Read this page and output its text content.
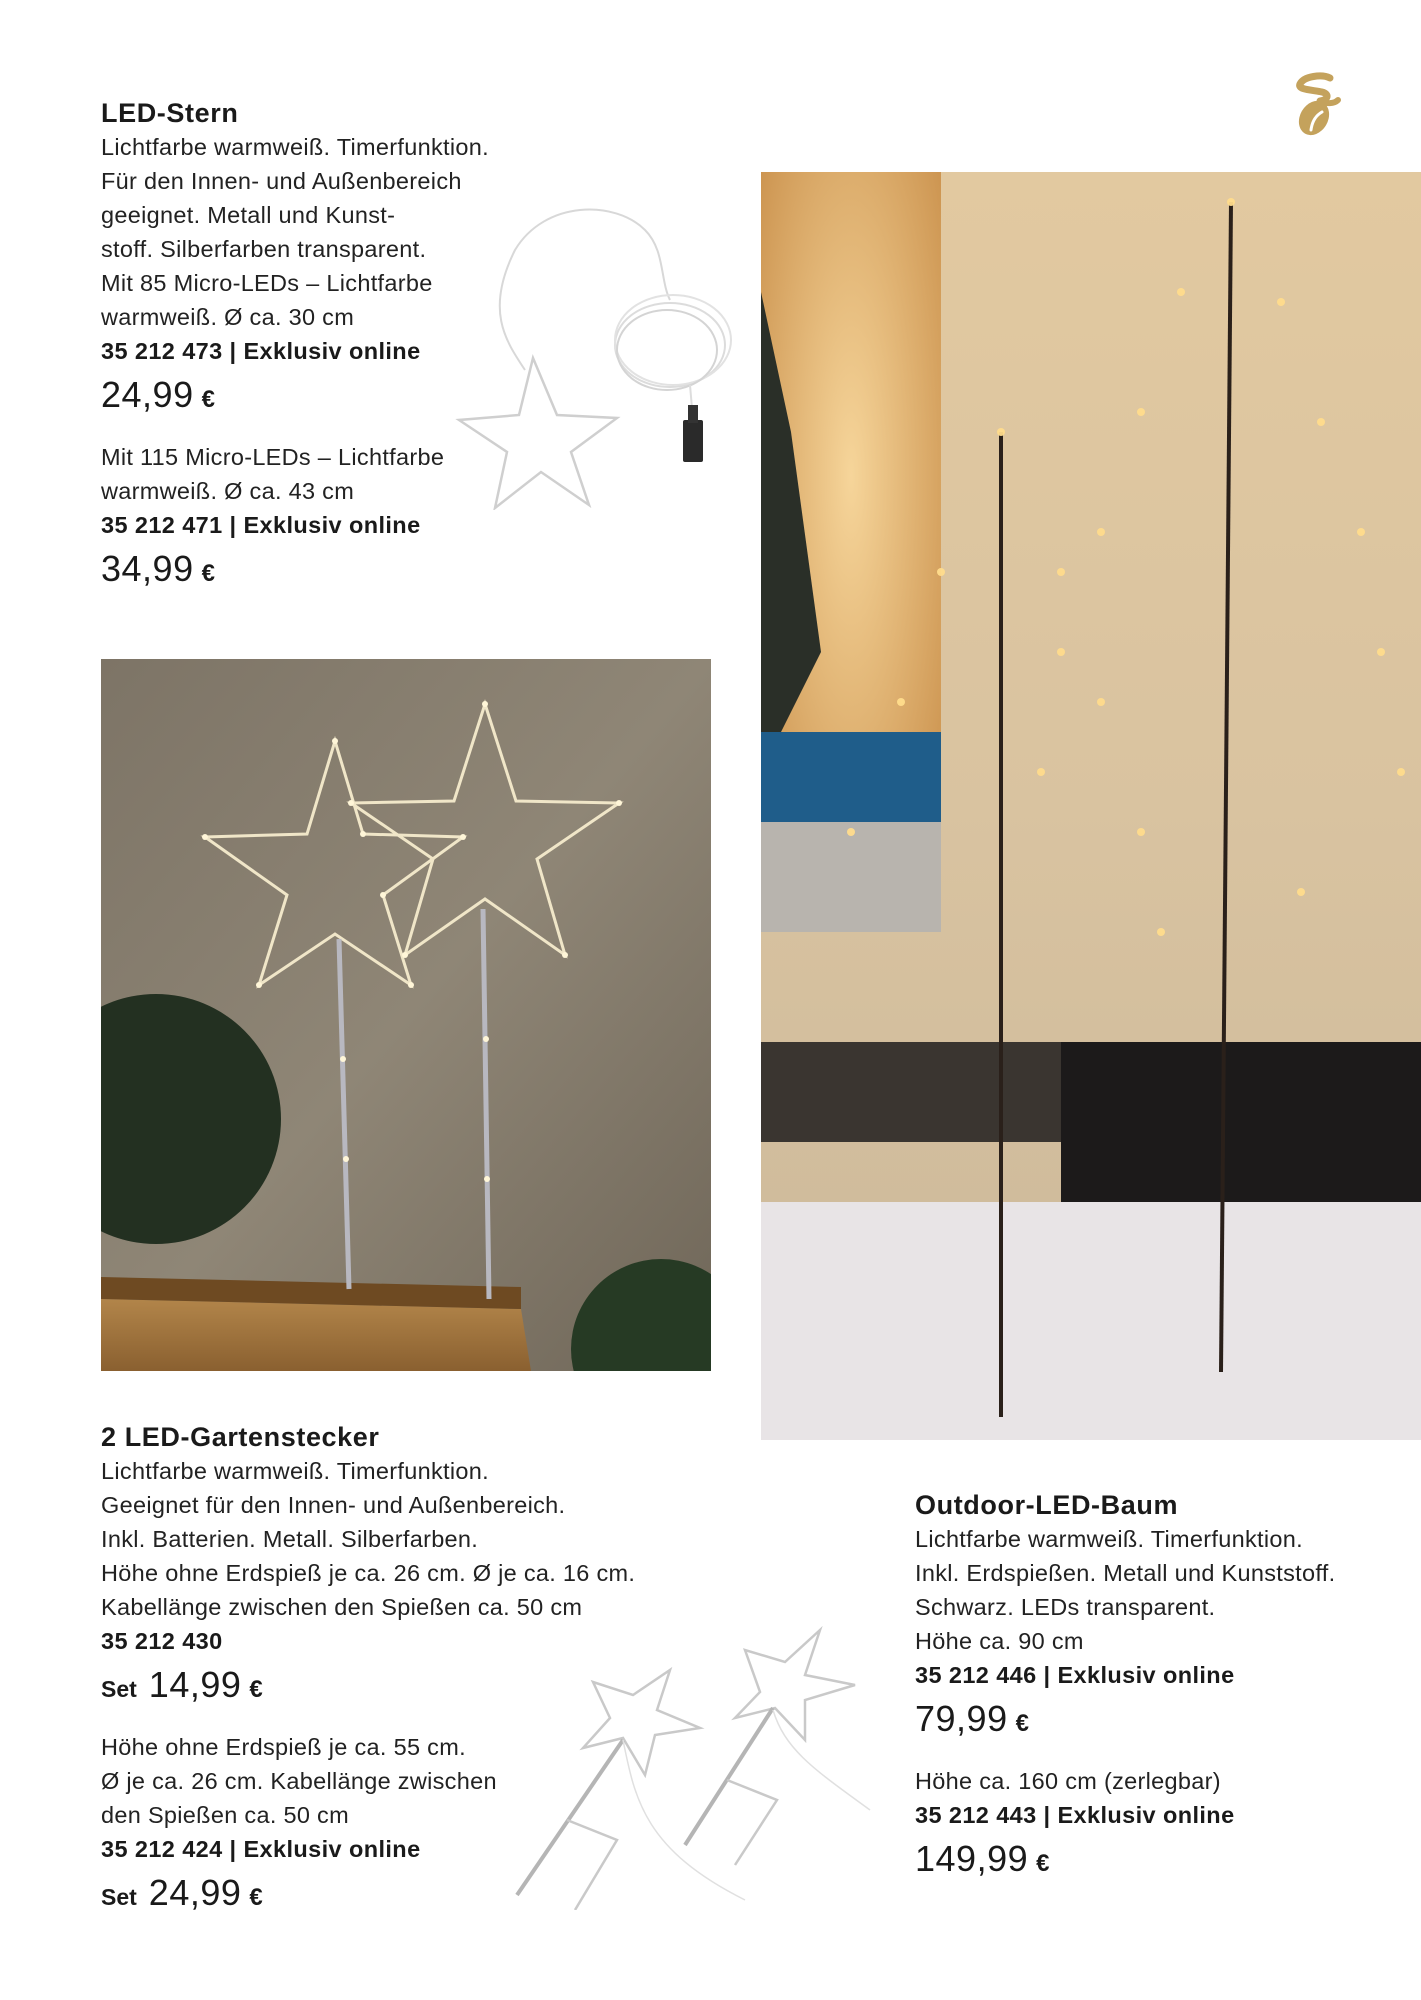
LED-Stern
Lichtfarbe warmweiß. Timerfunktion.
Für den Innen- und Außenbereich
geeignet. Metall und Kunst-
stoff. Silberfarben transparent.
Mit 85 Micro-LEDs – Lichtfarbe
warmweiß. Ø ca. 30 cm
35 212 473 | Exklusiv online
24,99 €
Mit 115 Micro-LEDs – Lichtfarbe
warmweiß. Ø ca. 43 cm
35 212 471 | Exklusiv online
34,99 €
2 LED-Gartenstecker
Lichtfarbe warmweiß. Timerfunktion.
Geeignet für den Innen- und Außenbereich.
Inkl. Batterien. Metall. Silberfarben.
Höhe ohne Erdspieß je ca. 26 cm. Ø je ca. 16 cm.
Kabellänge zwischen den Spießen ca. 50 cm
35 212 430
Set 14,99 €
Höhe ohne Erdspieß je ca. 55 cm.
Ø je ca. 26 cm. Kabellänge zwischen
den Spießen ca. 50 cm
35 212 424 | Exklusiv online
Set 24,99 €
Outdoor-LED-Baum
Lichtfarbe warmweiß. Timerfunktion.
Inkl. Erdspießen. Metall und Kunststoff.
Schwarz. LEDs transparent.
Höhe ca. 90 cm
35 212 446 | Exklusiv online
79,99 €
Höhe ca. 160 cm (zerlegbar)
35 212 443 | Exklusiv online
149,99 €
